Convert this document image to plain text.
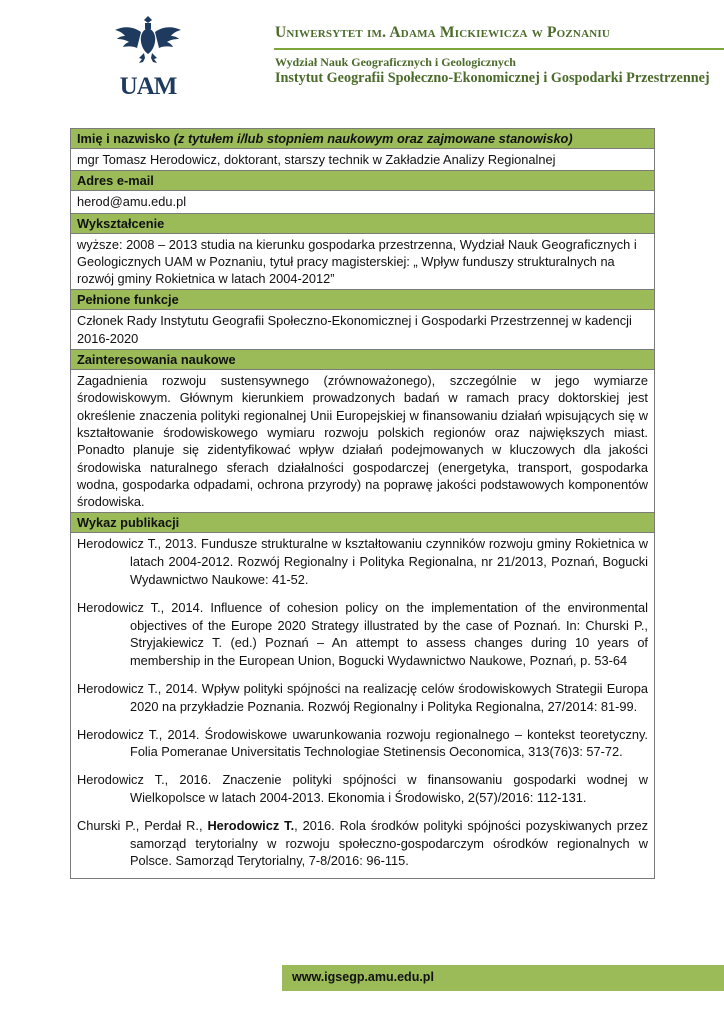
UAM
Uniwersytet im. Adama Mickiewicza w Poznaniu
Wydział Nauk Geograficznych i Geologicznych
Instytut Geografii Społeczno-Ekonomicznej i Gospodarki Przestrzennej
Imię i nazwisko (z tytułem i/lub stopniem naukowym oraz zajmowane stanowisko)
mgr Tomasz Herodowicz, doktorant, starszy technik w Zakładzie Analizy Regionalnej
Adres e-mail
herod@amu.edu.pl
Wykształcenie
wyższe: 2008 – 2013 studia na kierunku gospodarka przestrzenna, Wydział Nauk Geograficznych i Geologicznych UAM w Poznaniu, tytuł pracy magisterskiej: „ Wpływ funduszy strukturalnych na rozwój gminy Rokietnica w latach 2004-2012”
Pełnione funkcje
Członek Rady Instytutu Geografii Społeczno-Ekonomicznej i Gospodarki Przestrzennej w kadencji 2016-2020
Zainteresowania naukowe
Zagadnienia rozwoju sustensywnego (zrównoważonego), szczególnie w jego wymiarze środowiskowym. Głównym kierunkiem prowadzonych badań w ramach pracy doktorskiej jest określenie znaczenia polityki regionalnej Unii Europejskiej w finansowaniu działań wpisujących się w kształtowanie środowiskowego wymiaru rozwoju polskich regionów oraz największych miast. Ponadto planuje się zidentyfikować wpływ działań podejmowanych w kluczowych dla jakości środowiska naturalnego sferach działalności gospodarczej (energetyka, transport, gospodarka wodna, gospodarka odpadami, ochrona przyrody) na poprawę jakości podstawowych komponentów środowiska.
Wykaz publikacji

Herodowicz T., 2013. Fundusze strukturalne w kształtowaniu czynników rozwoju gminy Rokietnica w latach 2004-2012. Rozwój Regionalny i Polityka Regionalna, nr 21/2013, Poznań, Bogucki Wydawnictwo Naukowe: 41-52.

Herodowicz T., 2014. Influence of cohesion policy on the implementation of the environmental objectives of the Europe 2020 Strategy illustrated by the case of Poznań. In: Churski P., Stryjakiewicz T. (ed.) Poznań – An attempt to assess changes during 10 years of membership in the European Union, Bogucki Wydawnictwo Naukowe, Poznań, p. 53-64

Herodowicz T., 2014. Wpływ polityki spójności na realizację celów środowiskowych Strategii Europa 2020 na przykładzie Poznania. Rozwój Regionalny i Polityka Regionalna, 27/2014: 81-99.

Herodowicz T., 2014. Środowiskowe uwarunkowania rozwoju regionalnego – kontekst teoretyczny. Folia Pomeranae Universitatis Technologiae Stetinensis Oeconomica, 313(76)3: 57-72.

Herodowicz T., 2016. Znaczenie polityki spójności w finansowaniu gospodarki wodnej w Wielkopolsce w latach 2004-2013. Ekonomia i Środowisko, 2(57)/2016: 112-131.

Churski P., Perdał R., Herodowicz T., 2016. Rola środków polityki spójności pozyskiwanych przez samorząd terytorialny w rozwoju społeczno-gospodarczym ośrodków regionalnych w Polsce. Samorząd Terytorialny, 7-8/2016: 96-115.

www.igsegp.amu.edu.pl
